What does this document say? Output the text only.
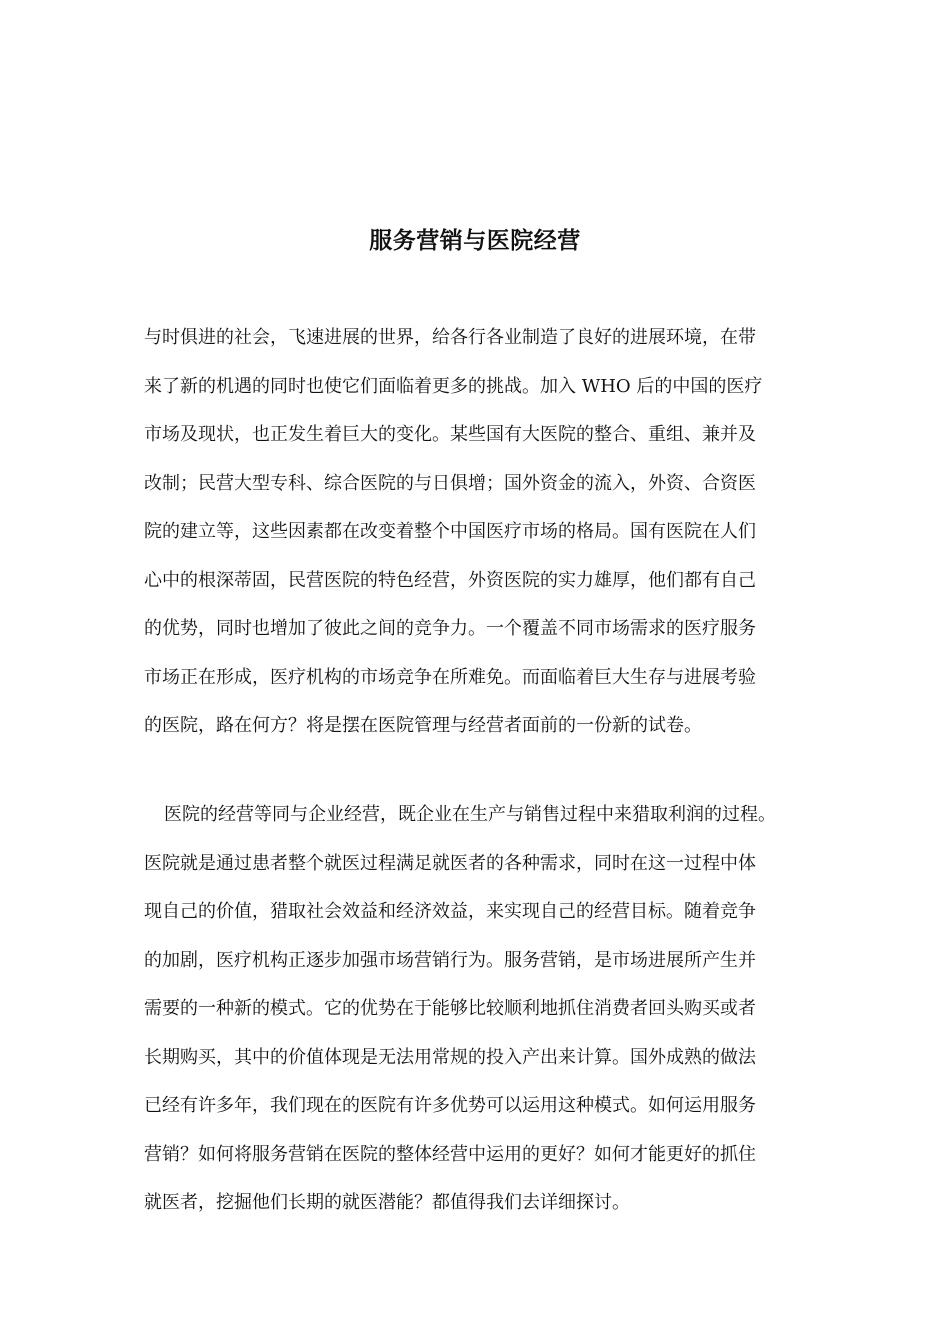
服务营销与医院经营
与时俱进的社会，飞速进展的世界，给各行各业制造了良好的进展环境，在带
来了新的机遇的同时也使它们面临着更多的挑战。加入 WHO 后的中国的医疗
市场及现状，也正发生着巨大的变化。某些国有大医院的整合、重组、兼并及
改制；民营大型专科、综合医院的与日俱增；国外资金的流入，外资、合资医
院的建立等，这些因素都在改变着整个中国医疗市场的格局。国有医院在人们
心中的根深蒂固，民营医院的特色经营，外资医院的实力雄厚，他们都有自己
的优势，同时也增加了彼此之间的竞争力。一个覆盖不同市场需求的医疗服务
市场正在形成，医疗机构的市场竞争在所难免。而面临着巨大生存与进展考验
的医院，路在何方？将是摆在医院管理与经营者面前的一份新的试卷。
医院的经营等同与企业经营，既企业在生产与销售过程中来猎取利润的过程。
医院就是通过患者整个就医过程满足就医者的各种需求，同时在这一过程中体
现自己的价值，猎取社会效益和经济效益，来实现自己的经营目标。随着竞争
的加剧，医疗机构正逐步加强市场营销行为。服务营销，是市场进展所产生并
需要的一种新的模式。它的优势在于能够比较顺利地抓住消费者回头购买或者
长期购买，其中的价值体现是无法用常规的投入产出来计算。国外成熟的做法
已经有许多年，我们现在的医院有许多优势可以运用这种模式。如何运用服务
营销？如何将服务营销在医院的整体经营中运用的更好？如何才能更好的抓住
就医者，挖掘他们长期的就医潜能？都值得我们去详细探讨。
